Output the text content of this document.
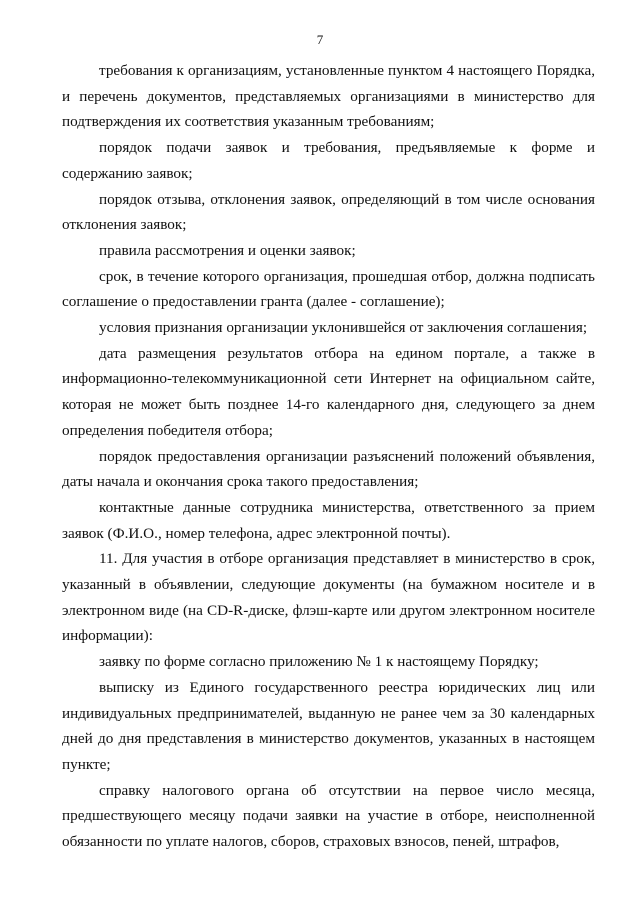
7

требования к организациям, установленные пунктом 4 настоящего Порядка, и перечень документов, представляемых организациями в министерство для подтверждения их соответствия указанным требованиям;

порядок подачи заявок и требования, предъявляемые к форме и содержанию заявок;

порядок отзыва, отклонения заявок, определяющий в том числе основания отклонения заявок;

правила рассмотрения и оценки заявок;

срок, в течение которого организация, прошедшая отбор, должна подписать соглашение о предоставлении гранта (далее - соглашение);

условия признания организации уклонившейся от заключения соглашения;

дата размещения результатов отбора на едином портале, а также в информационно-телекоммуникационной сети Интернет на официальном сайте, которая не может быть позднее 14-го календарного дня, следующего за днем определения победителя отбора;

порядок предоставления организации разъяснений положений объявления, даты начала и окончания срока такого предоставления;

контактные данные сотрудника министерства, ответственного за прием заявок (Ф.И.О., номер телефона, адрес электронной почты).

11. Для участия в отборе организация представляет в министерство в срок, указанный в объявлении, следующие документы (на бумажном носителе и в электронном виде (на CD-R-диске, флэш-карте или другом электронном носителе информации):

заявку по форме согласно приложению № 1 к настоящему Порядку;

выписку из Единого государственного реестра юридических лиц или индивидуальных предпринимателей, выданную не ранее чем за 30 календарных дней до дня представления в министерство документов, указанных в настоящем пункте;

справку налогового органа об отсутствии на первое число месяца, предшествующего месяцу подачи заявки на участие в отборе, неисполненной обязанности по уплате налогов, сборов, страховых взносов, пеней, штрафов,
